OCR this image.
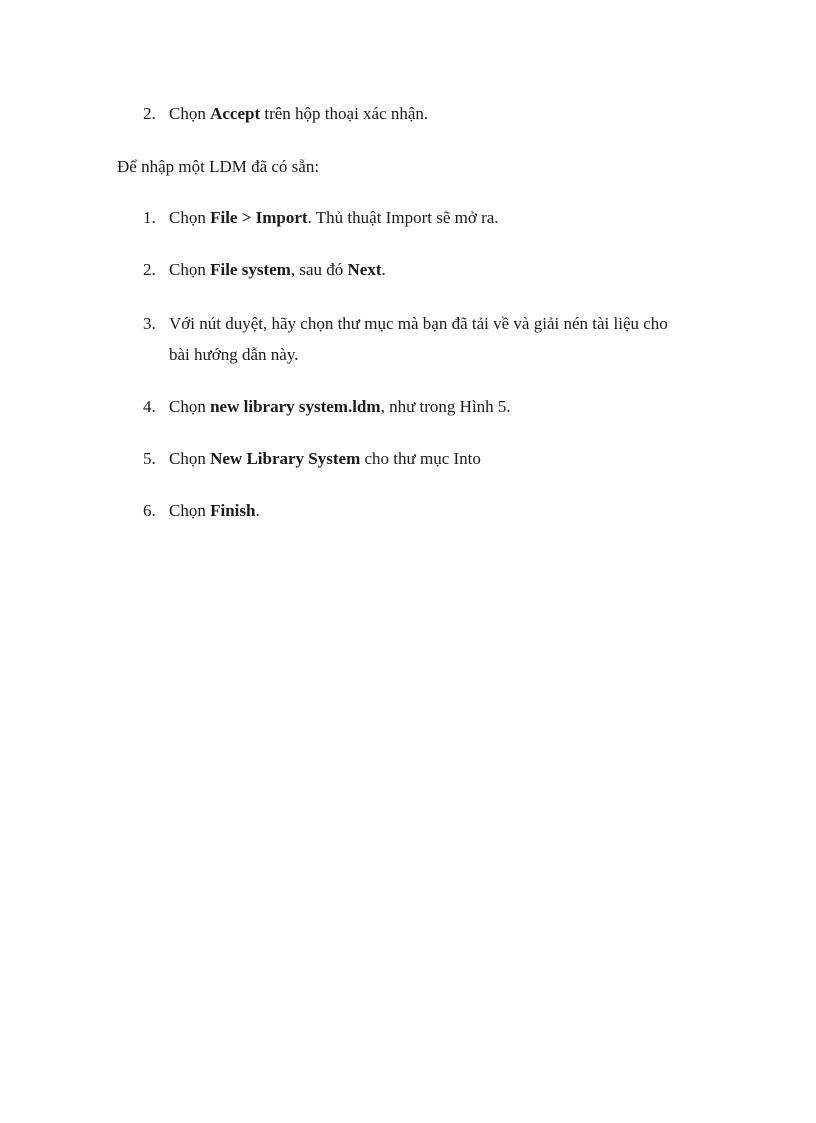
2. Chọn Accept trên hộp thoại xác nhận.
Để nhập một LDM đã có sẵn:
1. Chọn File > Import. Thủ thuật Import sẽ mở ra.
2. Chọn File system, sau đó Next.
3. Với nút duyệt, hãy chọn thư mục mà bạn đã tải về và giải nén tài liệu cho
bài hướng dẫn này.
4. Chọn new library system.ldm, như trong Hình 5.
5. Chọn New Library System cho thư mục Into
6. Chọn Finish.
